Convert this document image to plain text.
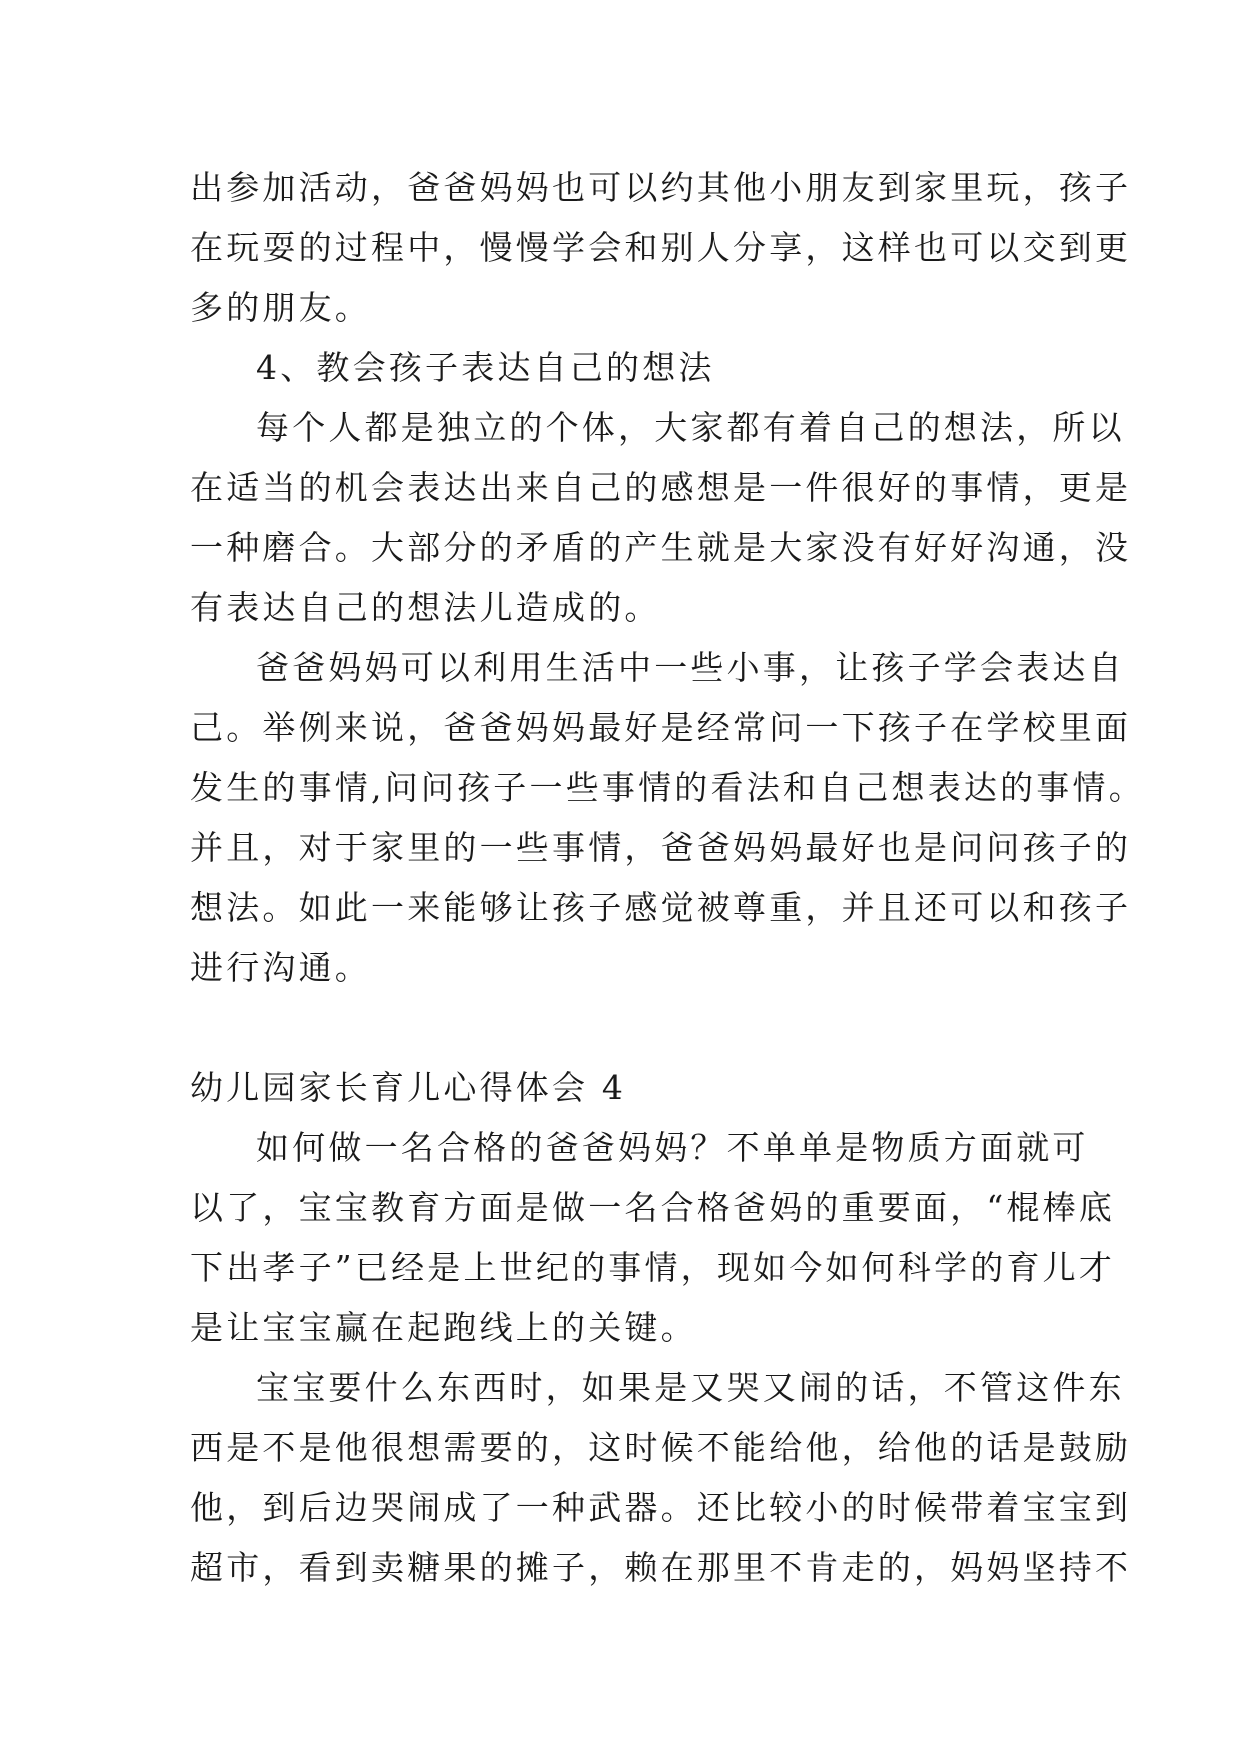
出参加活动，爸爸妈妈也可以约其他小朋友到家里玩，孩子
在玩耍的过程中，慢慢学会和别人分享，这样也可以交到更
多的朋友。
4、教会孩子表达自己的想法
每个人都是独立的个体，大家都有着自己的想法，所以
在适当的机会表达出来自己的感想是一件很好的事情，更是
一种磨合。大部分的矛盾的产生就是大家没有好好沟通，没
有表达自己的想法儿造成的。
爸爸妈妈可以利用生活中一些小事，让孩子学会表达自
己。举例来说，爸爸妈妈最好是经常问一下孩子在学校里面
发生的事情,问问孩子一些事情的看法和自己想表达的事情。
并且，对于家里的一些事情，爸爸妈妈最好也是问问孩子的
想法。如此一来能够让孩子感觉被尊重，并且还可以和孩子
进行沟通。
幼儿园家长育儿心得体会 4
如何做一名合格的爸爸妈妈？不单单是物质方面就可
以了，宝宝教育方面是做一名合格爸妈的重要面，“棍棒底
下出孝子”已经是上世纪的事情，现如今如何科学的育儿才
是让宝宝赢在起跑线上的关键。
宝宝要什么东西时，如果是又哭又闹的话，不管这件东
西是不是他很想需要的，这时候不能给他，给他的话是鼓励
他，到后边哭闹成了一种武器。还比较小的时候带着宝宝到
超市，看到卖糖果的摊子，赖在那里不肯走的，妈妈坚持不
